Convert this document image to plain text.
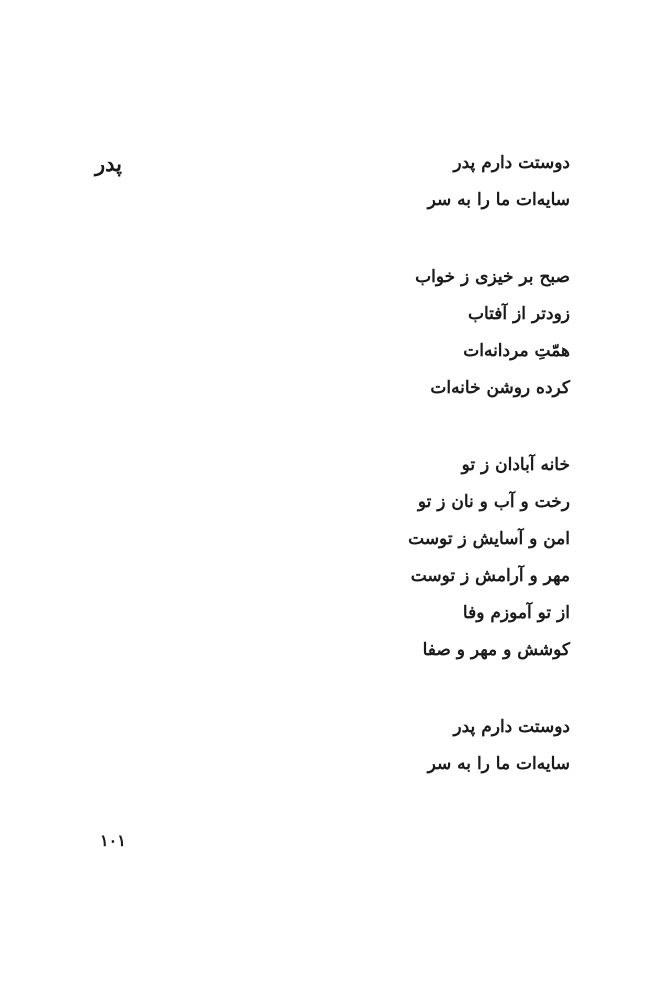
پدر	دوستت دارم پدر
سایه‌ات ما را به سر
صبح بر خیزی ز خواب
زودتر از آفتاب
همّتِ مردانه‌ات
کرده روشن خانه‌ات
خانه آبادان ز تو
رخت و آب و نان ز تو
امن و آسایش ز توست
مهر و آرامش ز توست
از تو آموزم وفا
کوشش و مهر و صفا
دوستت دارم پدر
سایه‌ات ما را به سر
۱۰۱
